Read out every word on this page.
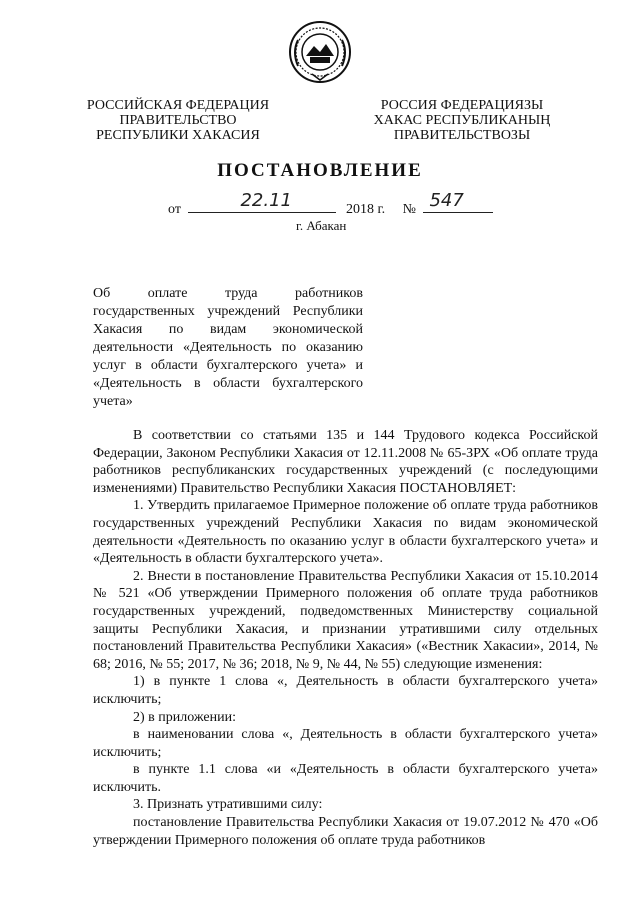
РОССИЙСКАЯ ФЕДЕРАЦИЯ
ПРАВИТЕЛЬСТВО
РЕСПУБЛИКИ ХАКАСИЯ
РОССИЯ ФЕДЕРАЦИЯЗЫ
ХАКАС РЕСПУБЛИКАНЫҢ
ПРАВИТЕЛЬСТВОЗЫ
ПОСТАНОВЛЕНИЕ
от	22.11	2018 г. № 547
г. Абакан

Об оплате труда работников государственных учреждений Республики Хакасия по видам экономической деятельности «Деятельность по оказанию услуг в области бухгалтерского учета» и «Деятельность в области бухгалтерского учета»

В соответствии со статьями 135 и 144 Трудового кодекса Российской Федерации, Законом Республики Хакасия от 12.11.2008 № 65-ЗРХ «Об оплате труда работников республиканских государственных учреждений (с последующими изменениями) Правительство Республики Хакасия ПОСТАНОВЛЯЕТ:

1. Утвердить прилагаемое Примерное положение об оплате труда работников государственных учреждений Республики Хакасия по видам экономической деятельности «Деятельность по оказанию услуг в области бухгалтерского учета» и «Деятельность в области бухгалтерского учета».

2. Внести в постановление Правительства Республики Хакасия от 15.10.2014 № 521 «Об утверждении Примерного положения об оплате труда работников государственных учреждений, подведомственных Министерству социальной защиты Республики Хакасия, и признании утратившими силу отдельных постановлений Правительства Республики Хакасия» («Вестник Хакасии», 2014, № 68; 2016, № 55; 2017, № 36; 2018, № 9, № 44, № 55) следующие изменения:

1) в пункте 1 слова «, Деятельность в области бухгалтерского учета» исключить;

2) в приложении:

в наименовании слова «, Деятельность в области бухгалтерского учета» исключить;

в пункте 1.1 слова «и «Деятельность в области бухгалтерского учета» исключить.

3. Признать утратившими силу:

постановление Правительства Республики Хакасия от 19.07.2012 № 470 «Об утверждении Примерного положения об оплате труда работников
